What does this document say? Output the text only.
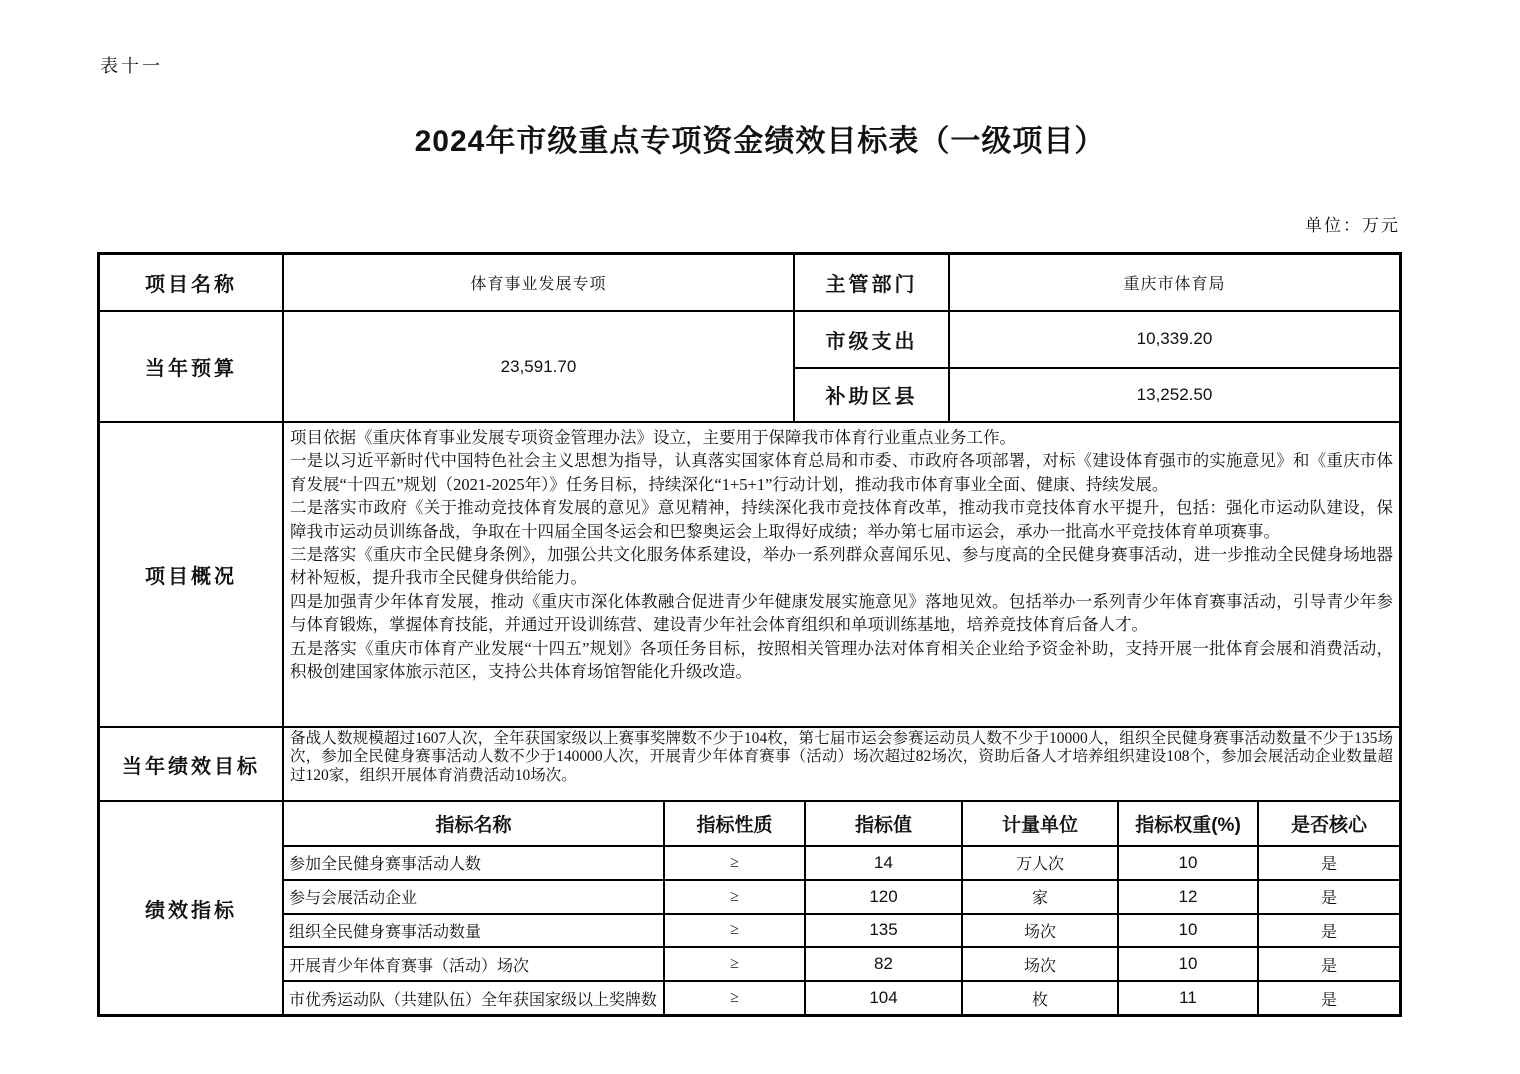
表十一
2024年市级重点专项资金绩效目标表（一级项目）
单位：万元
项目名称	体育事业发展专项	主管部门	重庆市体育局
当年预算	23,591.70
市级支出	10,339.20
补助区县	13,252.50
项目概况
项目依据《重庆体育事业发展专项资金管理办法》设立，主要用于保障我市体育行业重点业务工作。
一是以习近平新时代中国特色社会主义思想为指导，认真落实国家体育总局和市委、市政府各项部署，对标《建设体育强市的实施意见》和《重庆市体育发展“十四五”规划（2021-2025年）》任务目标，持续深化“1+5+1”行动计划，推动我市体育事业全面、健康、持续发展。
二是落实市政府《关于推动竞技体育发展的意见》意见精神，持续深化我市竞技体育改革，推动我市竞技体育水平提升，包括：强化市运动队建设，保障我市运动员训练备战，争取在十四届全国冬运会和巴黎奥运会上取得好成绩；举办第七届市运会，承办一批高水平竞技体育单项赛事。
三是落实《重庆市全民健身条例》，加强公共文化服务体系建设，举办一系列群众喜闻乐见、参与度高的全民健身赛事活动，进一步推动全民健身场地器材补短板，提升我市全民健身供给能力。
四是加强青少年体育发展，推动《重庆市深化体教融合促进青少年健康发展实施意见》落地见效。包括举办一系列青少年体育赛事活动，引导青少年参与体育锻炼，掌握体育技能，并通过开设训练营、建设青少年社会体育组织和单项训练基地，培养竞技体育后备人才。
五是落实《重庆市体育产业发展“十四五”规划》各项任务目标，按照相关管理办法对体育相关企业给予资金补助，支持开展一批体育会展和消费活动，积极创建国家体旅示范区，支持公共体育场馆智能化升级改造。
当年绩效目标
备战人数规模超过1607人次，全年获国家级以上赛事奖牌数不少于104枚，第七届市运会参赛运动员人数不少于10000人，组织全民健身赛事活动数量不少于135场次，参加全民健身赛事活动人数不少于140000人次，开展青少年体育赛事（活动）场次超过82场次，资助后备人才培养组织建设108个，参加会展活动企业数量超过120家，组织开展体育消费活动10场次。
绩效指标
指标名称	指标性质	指标值	计量单位	指标权重(%)	是否核心
参加全民健身赛事活动人数	≥	14	万人次	10	是
参与会展活动企业	≥	120	家	12	是
组织全民健身赛事活动数量	≥	135	场次	10	是
开展青少年体育赛事（活动）场次	≥	82	场次	10	是
市优秀运动队（共建队伍）全年获国家级以上奖牌数	≥	104	枚	11	是
